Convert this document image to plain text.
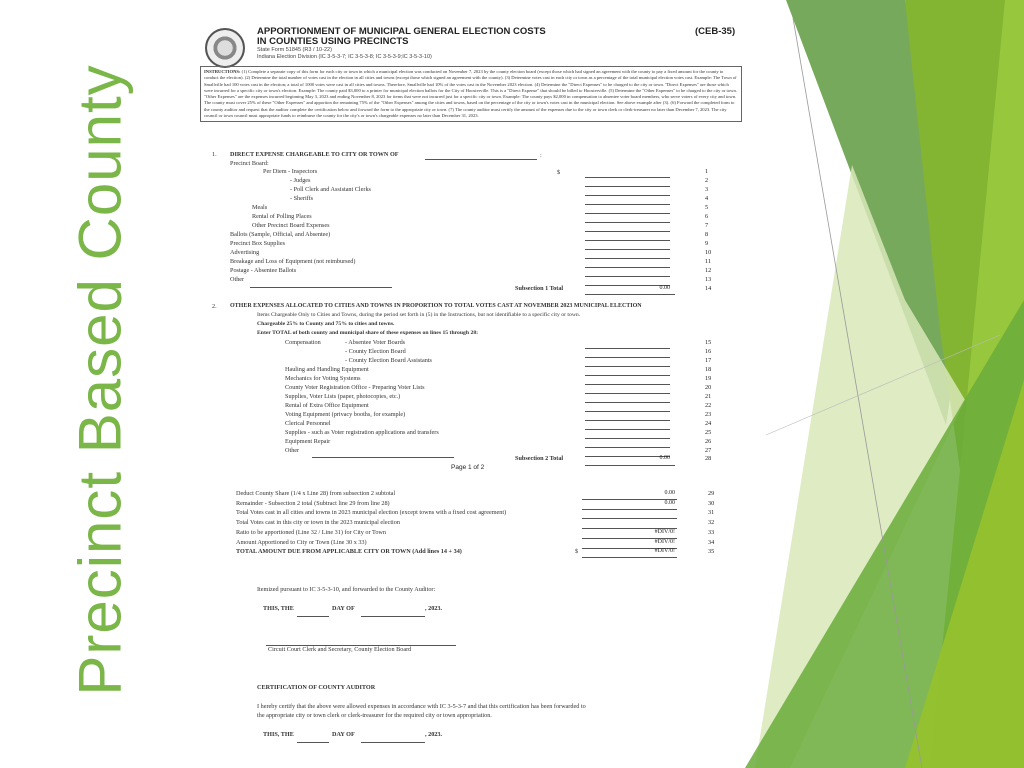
Precinct Based County
APPORTIONMENT OF MUNICIPAL GENERAL ELECTION COSTS
IN COUNTIES USING PRECINCTS
(CEB-35)
State Form 51845 (R3 / 10-22)
Indiana Election Division (IC 3-5-3-7; IC 3-5-3-8; IC 3-5-3-9;IC 3-5-3-10)
INSTRUCTIONS: (1) Complete a separate copy of this form for each city or town in which a municipal election was conducted on November 7, 2023 by the county election board (except those which had signed an agreement with the county to pay a fixed amount for the county to conduct the election). (2) Determine the total number of votes cast in the election in all cities and towns (except those which signed an agreement with the county). (3) Determine votes cast in each city or town as a percentage of the total municipal election votes cast. Example: The Town of Smallville had 100 votes cast in the election; a total of 1000 votes were cast in all cities and towns. Therefore, Smallville had 10% of the votes cast in the November 2023 election. (4) Determine the "Direct Expenses" to be charged to the city or town. "Direct Expenses" are those which were incurred for a specific city or town's election. Example: The county paid $3,000 to a printer for municipal election ballots for the City of Hoosierville. This is a "Direct Expense" that should be billed to Hoosierville. (5) Determine the "Other Expenses" to be charged to the city or town. "Other Expenses" are the expenses incurred beginning May 3, 2023 and ending November 8, 2023 for items that were not incurred just for a specific city or town. Example: The county pays $2,000 in compensation to absentee voter board members, who serve voters of every city and town. The county must cover 25% of these "Other Expenses" and apportion the remaining 75% of the "Other Expenses" among the cities and towns, based on the percentage of the city or town's votes cast in the municipal election. See above example after (3). (6) Forward the completed form to the county auditor and request that the auditor complete the certification below and forward the form to the appropriate city or town. (7) The county auditor must certify the amount of the expenses due to the city or town clerk or clerk-treasurer no later than December 7, 2023. The city council or town council must appropriate funds to reimburse the county for the city's or town's chargeable expenses no later than December 31, 2023.
1. DIRECT EXPENSE CHARGEABLE TO CITY OR TOWN OF	:
Precinct Board:
$
Per Diem - Inspectors	1
- Judges	2
- Poll Clerk and Assistant Clerks	3
- Sheriffs	4
Meals	5
Rental of Polling Places	6
Other Precinct Board Expenses	7
Ballots (Sample, Official, and Absentee)	8
Precinct Box Supplies	9
Advertising	10
Breakage and Loss of Equipment (not reimbursed)	11
Postage - Absentee Ballots	12
Other	13
Subsection 1 Total	0.00	14
2. OTHER EXPENSES ALLOCATED TO CITIES AND TOWNS IN PROPORTION TO TOTAL VOTES CAST AT NOVEMBER 2023 MUNICIPAL ELECTION
Items Chargeable Only to Cities and Towns, during the period set forth in (5) in the Instructions, but not identifiable to a specific city or town.
Chargeable 25% to County and 75% to cities and towns.
Enter TOTAL of both county and municipal share of these expenses on lines 15 through 28:
Compensation	- Absentee Voter Boards	15
- County Election Board	16
- County Election Board Assistants	17
Hauling and Handling Equipment	18
Mechanics for Voting Systems	19
County Voter Registration Office - Preparing Voter Lists	20
Supplies, Voter Lists (paper, photocopies, etc.)	21
Rental of Extra Office Equipment	22
Voting Equipment (privacy booths, for example)	23
Clerical Personnel	24
Supplies - such as Voter registration applications and transfers	25
Equipment Repair	26
Other	27
Subsection 2 Total	0.00	28
Page 1 of 2
Deduct County Share (1/4 x Line 28) from subsection 2 subtotal	0.00	29
Remainder - Subsection 2 total (Subtract line 29 from line 28)	0.00	30
Total Votes cast in all cities and towns in 2023 municipal election (except towns with a fixed cost agreement)	31
Total Votes cast in this city or town in the 2023 municipal election	32
Ratio to be apportioned (Line 32 / Line 31) for City or Town	#DIV/0!	33
Amount Apportioned to City or Town (Line 30 x 33)	#DIV/0!	34
TOTAL AMOUNT DUE FROM APPLICABLE CITY OR TOWN (Add lines 14 + 34)	$	#DIV/0!	35
Itemized pursuant to IC 3-5-3-10, and forwarded to the County Auditor:
THIS, THE	DAY OF	, 2023.
Circuit Court Clerk and Secretary, County Election Board
CERTIFICATION OF COUNTY AUDITOR
I hereby certify that the above were allowed expenses in accordance with IC 3-5-3-7 and that this certification has been forwarded to
the appropriate city or town clerk or clerk-treasurer for the required city or town appropriation.
THIS, THE	DAY OF	, 2023.
